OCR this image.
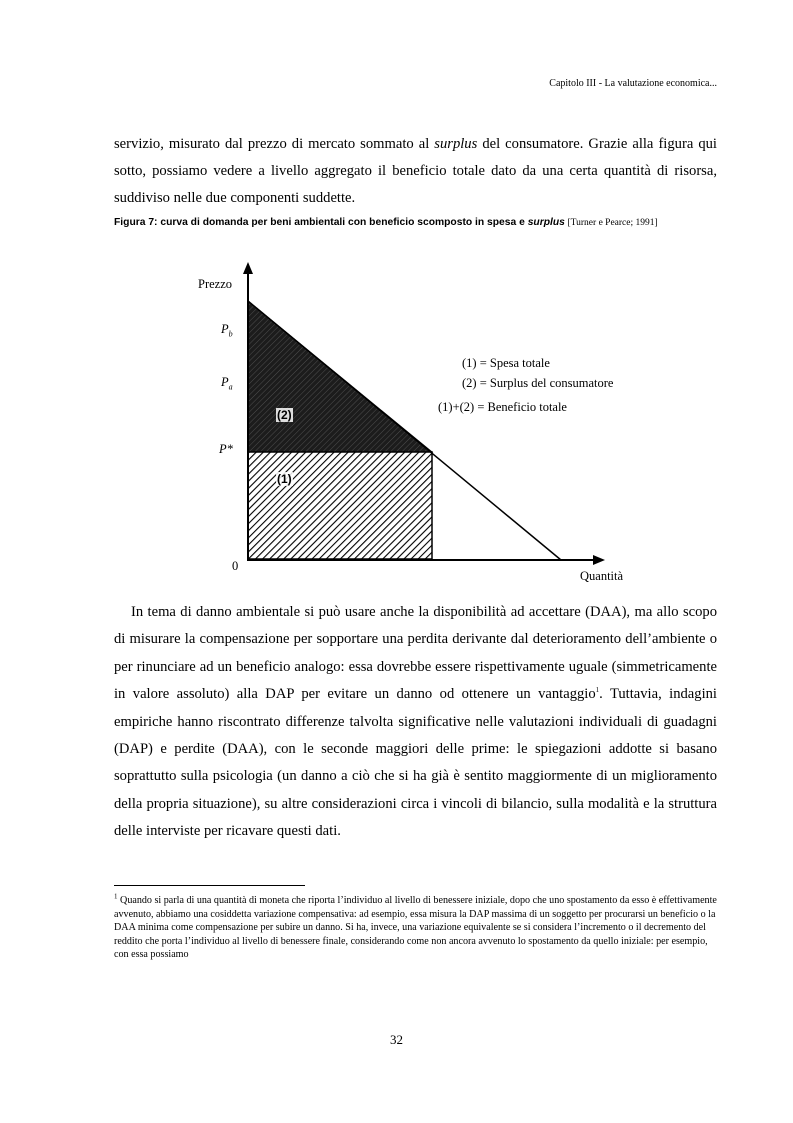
Capitolo III - La valutazione economica...

servizio, misurato dal prezzo di mercato sommato al surplus del consumatore. Grazie alla figura qui sotto, possiamo vedere a livello aggregato il beneficio totale dato da una certa quantità di risorsa, suddiviso nelle due componenti suddette.

Figura 7: curva di domanda per beni ambientali con beneficio scomposto in spesa e surplus [Turner e Pearce; 1991]
Prezzo
Quantità
0
$P_b$
$P_a$
P*
(2)
(1)
(1) = Spesa totale
(2) = Surplus del consumatore
(1)+(2) = Beneficio totale

In tema di danno ambientale si può usare anche la disponibilità ad accettare (DAA), ma allo scopo di misurare la compensazione per sopportare una perdita derivante dal deterioramento dell’ambiente o per rinunciare ad un beneficio analogo: essa dovrebbe essere rispettivamente uguale (simmetricamente in valore assoluto) alla DAP per evitare un danno od ottenere un vantaggio$^1$. Tuttavia, indagini empiriche hanno riscontrato differenze talvolta significative nelle valutazioni individuali di guadagni (DAP) e perdite (DAA), con le seconde maggiori delle prime: le spiegazioni addotte si basano soprattutto sulla psicologia (un danno a ciò che si ha già è sentito maggiormente di un miglioramento della propria situazione), su altre considerazioni circa i vincoli di bilancio, sulla modalità e la struttura delle interviste per ricavare questi dati.

$^1$ Quando si parla di una quantità di moneta che riporta l’individuo al livello di benessere iniziale, dopo che uno spostamento da esso è effettivamente avvenuto, abbiamo una cosiddetta variazione compensativa: ad esempio, essa misura la DAP massima di un soggetto per procurarsi un beneficio o la DAA minima come compensazione per subire un danno. Si ha, invece, una variazione equivalente se si considera l’incremento o il decremento del reddito che porta l’individuo al livello di benessere finale, considerando come non ancora avvenuto lo spostamento da quello iniziale: per esempio, con essa possiamo

32
